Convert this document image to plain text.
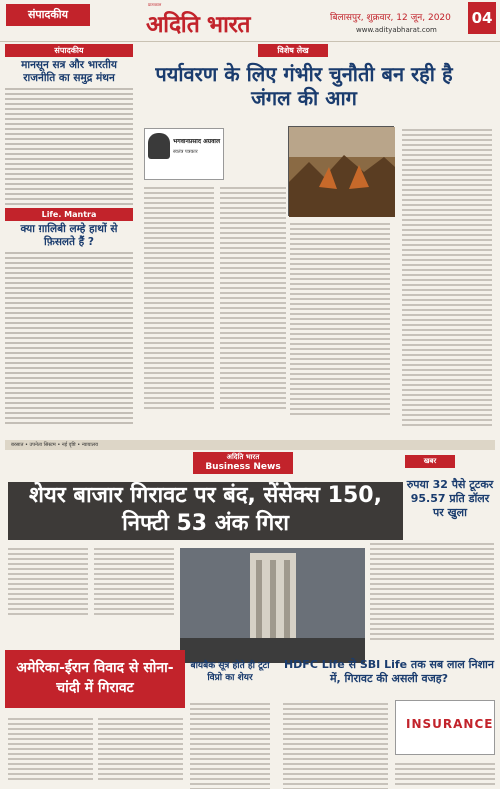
संपादकीय
प्रातःकाल
अदिति भारत	बिलासपुर, शुक्रवार, 12 जून, 2020
www.adityabharat.com
04
संपादकीय
मानसून सत्र और भारतीय राजनीति का समुद्र मंथन
Life. Mantra
क्या ग़ालिबी लम्हे हाथों से फ़िसलते हैं ?
विशेष लेख
पर्यावरण के लिए गंभीर चुनौती बन रही है जंगल की आग
भगवानप्रसाद अग्रवाल
स्वतंत्र पत्रकार
बरसात • उपनेता सिस्टम • नई वृष्टि • न्यायालय
अदिति भारत
Business News
खबर
शेयर बाजार गिरावट पर बंद, सेंसेक्स 150, निफ्टी 53 अंक गिरा
रुपया 32 पैसे टूटकर 95.57 प्रति डॉलर पर खुला
अमेरिका-ईरान विवाद से सोना-चांदी में गिरावट
बायबैक सूत्र होते ही टूटा विप्रो का शेयर
HDFC Life से SBI Life तक सब लाल निशान में, गिरावट की असली वजह?
INSURANCE
